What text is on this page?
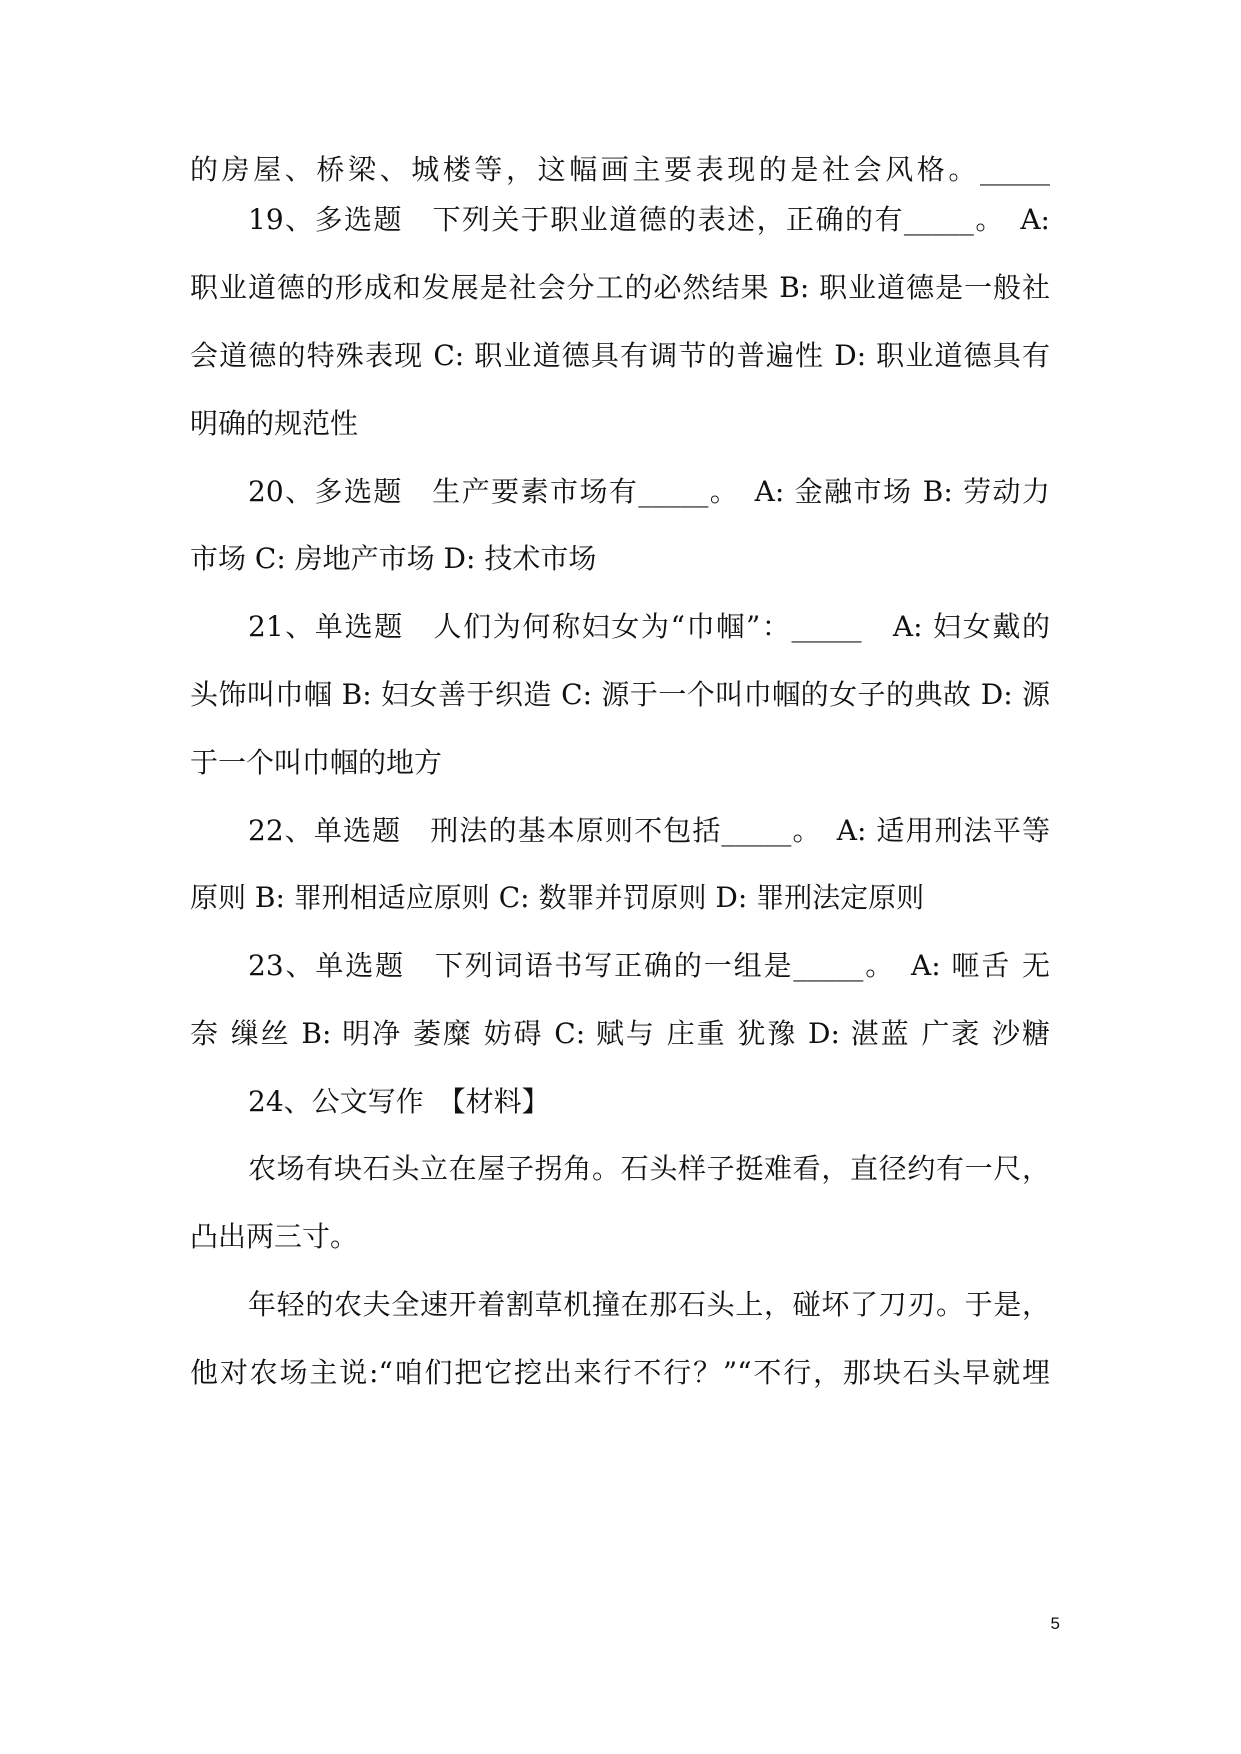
的房屋、桥梁、城楼等，这幅画主要表现的是社会风格。_____
19、多选题　下列关于职业道德的表述，正确的有_____。　A:
职业道德的形成和发展是社会分工的必然结果 B: 职业道德是一般社
会道德的特殊表现 C: 职业道德具有调节的普遍性 D: 职业道德具有
明确的规范性
20、多选题　生产要素市场有_____。　A: 金融市场 B: 劳动力
市场 C: 房地产市场 D: 技术市场
21、单选题　人们为何称妇女为“巾帼”：_____　A: 妇女戴的
头饰叫巾帼 B: 妇女善于织造 C: 源于一个叫巾帼的女子的典故 D: 源
于一个叫巾帼的地方
22、单选题　刑法的基本原则不包括_____。　A: 适用刑法平等
原则 B: 罪刑相适应原则 C: 数罪并罚原则 D: 罪刑法定原则
23、单选题　下列词语书写正确的一组是_____。　A: 咂舌 无
奈 缫丝 B: 明净 萎糜 妨碍 C: 赋与 庄重 犹豫 D: 湛蓝 广袤 沙糖
24、公文写作　【材料】
农场有块石头立在屋子拐角。石头样子挺难看，直径约有一尺，
凸出两三寸。
年轻的农夫全速开着割草机撞在那石头上，碰坏了刀刃。于是，
他对农场主说:“咱们把它挖出来行不行？”“不行，那块石头早就埋
5
